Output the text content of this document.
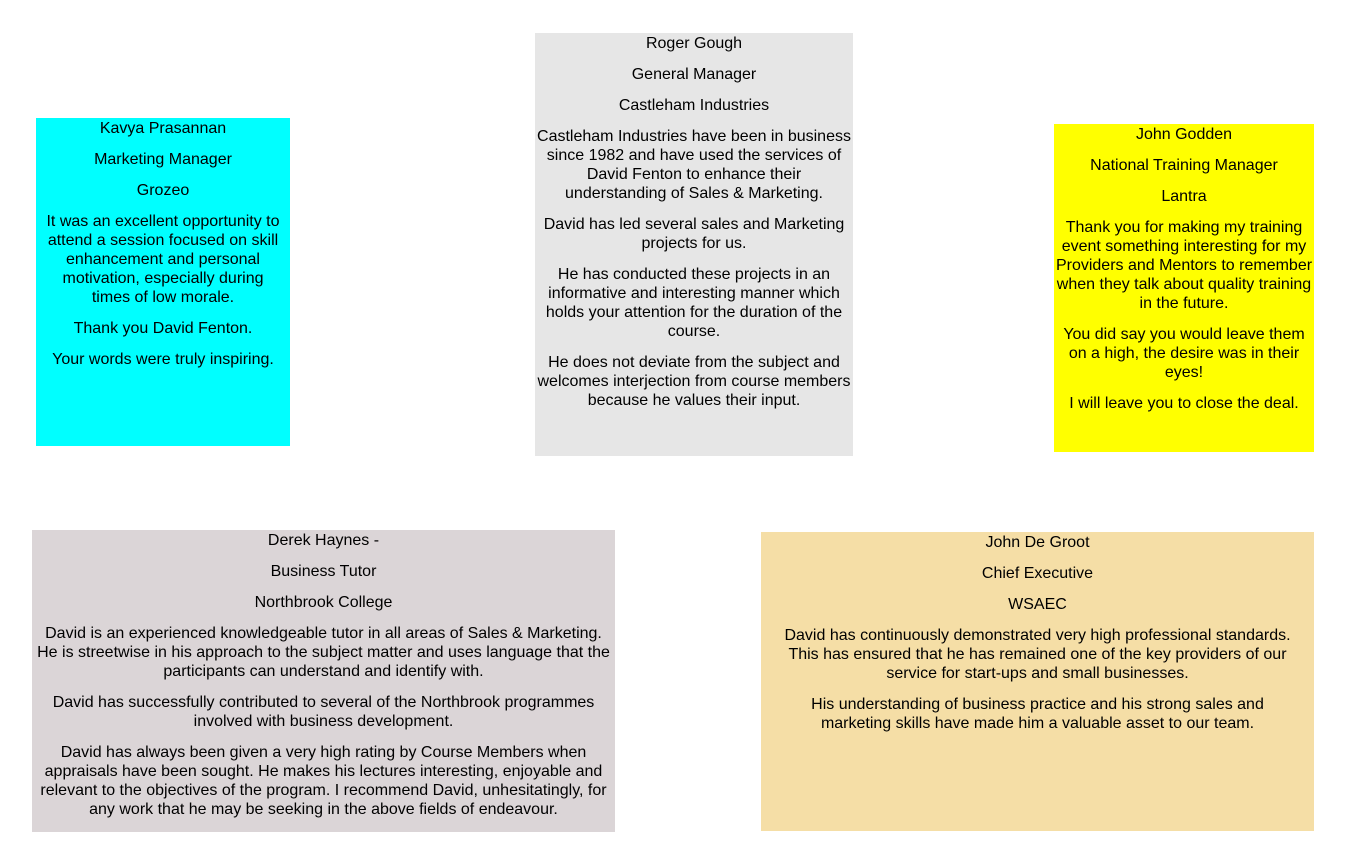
Kavya Prasannan

Marketing Manager

Grozeo

It was an excellent opportunity to attend a session focused on skill enhancement and personal motivation, especially during times of low morale.

Thank you David Fenton.

Your words were truly inspiring.

Roger Gough

General Manager

Castleham Industries

Castleham Industries have been in business since 1982 and have used the services of David Fenton to enhance their understanding of Sales & Marketing.

David has led several sales and Marketing projects for us.

He has conducted these projects in an informative and interesting manner which holds your attention for the duration of the course.

He does not deviate from the subject and welcomes interjection from course members because he values their input.

John Godden

National Training Manager

Lantra

Thank you for making my training event something interesting for my Providers and Mentors to remember when they talk about quality training in the future.

You did say you would leave them on a high, the desire was in their eyes!

I will leave you to close the deal.

Derek Haynes -

Business Tutor

Northbrook College

David is an experienced knowledgeable tutor in all areas of Sales & Marketing. He is streetwise in his approach to the subject matter and uses language that the participants can understand and identify with.

David has successfully contributed to several of the Northbrook programmes involved with business development.

David has always been given a very high rating by Course Members when appraisals have been sought. He makes his lectures interesting, enjoyable and relevant to the objectives of the program. I recommend David, unhesitatingly, for any work that he may be seeking in the above fields of endeavour.

John De Groot

Chief Executive

WSAEC

David has continuously demonstrated very high professional standards. This has ensured that he has remained one of the key providers of our service for start-ups and small businesses.

His understanding of business practice and his strong sales and marketing skills have made him a valuable asset to our team.
